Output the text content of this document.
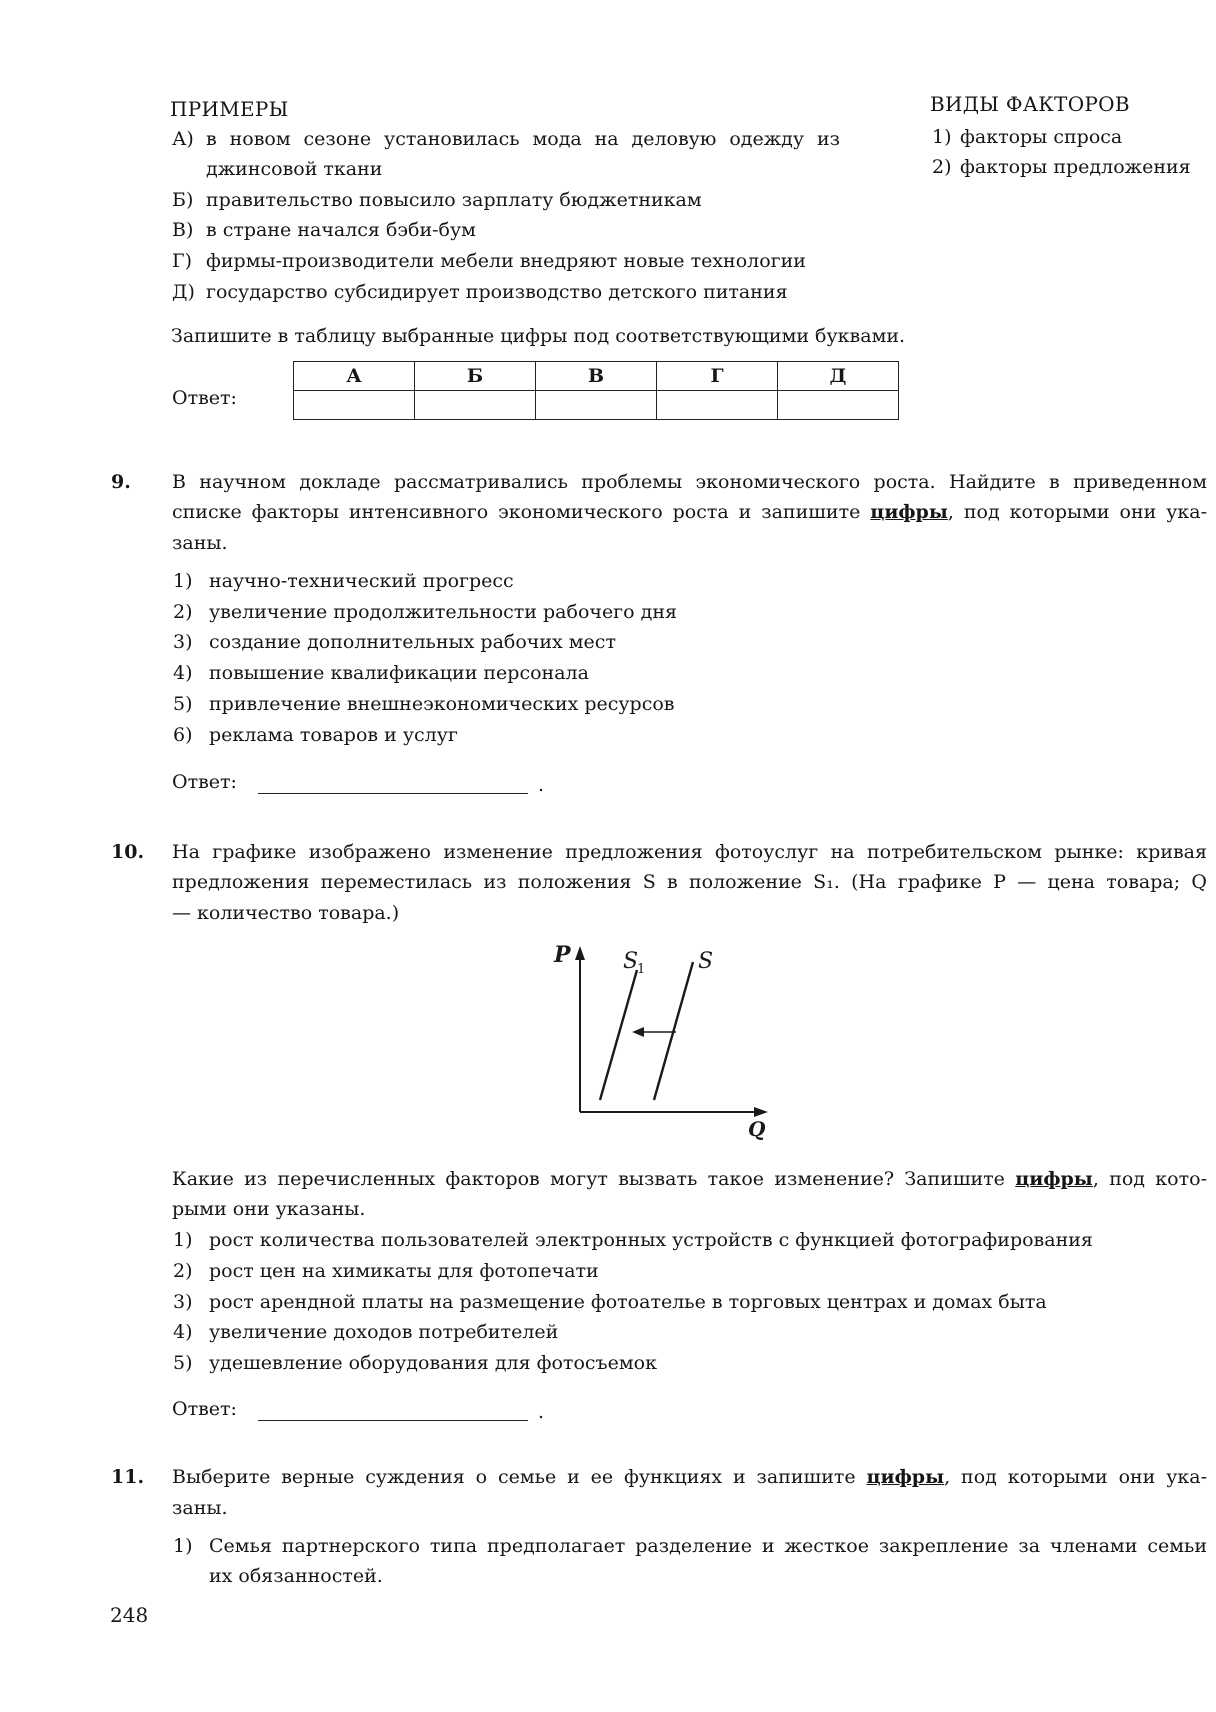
ПРИМЕРЫ	ВИДЫ ФАКТОРОВ
А) в новом сезоне установилась мода на деловую одежду из
джинсовой ткани
Б) правительство повысило зарплату бюджетникам
В) в стране начался бэби-бум
Г) фирмы-производители мебели внедряют новые технологии
Д) государство субсидирует производство детского питания
1) факторы спроса
2) факторы предложения
Запишите в таблицу выбранные цифры под соответствующими буквами.
Ответ:
А	Б	В	Г	Д

9. В научном докладе рассматривались проблемы экономического роста. Найдите в приведенном
списке факторы интенсивного экономического роста и запишите цифры, под которыми они ука-
заны.
1) научно-технический прогресс
2) увеличение продолжительности рабочего дня
3) создание дополнительных рабочих мест
4) повышение квалификации персонала
5) привлечение внешнеэкономических ресурсов
6) реклама товаров и услуг
Ответ:	.
10. На графике изображено изменение предложения фотоуслуг на потребительском рынке: кривая
предложения переместилась из положения S в положение S₁. (На графике P — цена товара; Q
— количество товара.)
P
Q
S
1 S
Какие из перечисленных факторов могут вызвать такое изменение? Запишите цифры, под кото-
рыми они указаны.
1) рост количества пользователей электронных устройств с функцией фотографирования
2) рост цен на химикаты для фотопечати
3) рост арендной платы на размещение фотоателье в торговых центрах и домах быта
4) увеличение доходов потребителей
5) удешевление оборудования для фотосъемок
Ответ:	.
11. Выберите верные суждения о семье и ее функциях и запишите цифры, под которыми они ука-
заны.
1) Семья партнерского типа предполагает разделение и жесткое закрепление за членами семьи
их обязанностей.
248
